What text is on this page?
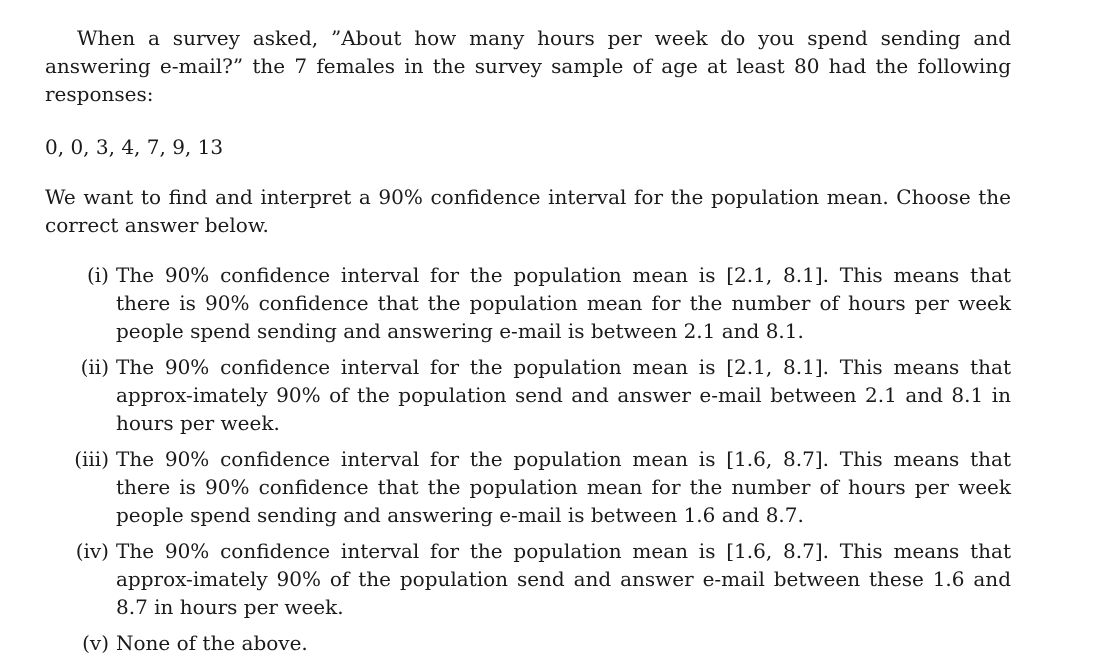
When a survey asked, ”About how many hours per week do you spend sending and answering e-mail?” the 7 females in the survey sample of age at least 80 had the following responses:

0, 0, 3, 4, 7, 9, 13

We want to find and interpret a 90% confidence interval for the population mean. Choose the correct answer below.

(i) The 90% confidence interval for the population mean is [2.1, 8.1]. This means that there is 90% confidence that the population mean for the number of hours per week people spend sending and answering e-mail is between 2.1 and 8.1.
(ii) The 90% confidence interval for the population mean is [2.1, 8.1]. This means that approx-imately 90% of the population send and answer e-mail between 2.1 and 8.1 in hours per week.
(iii) The 90% confidence interval for the population mean is [1.6, 8.7]. This means that there is 90% confidence that the population mean for the number of hours per week people spend sending and answering e-mail is between 1.6 and 8.7.
(iv) The 90% confidence interval for the population mean is [1.6, 8.7]. This means that approx-imately 90% of the population send and answer e-mail between these 1.6 and 8.7 in hours per week.
(v) None of the above.
